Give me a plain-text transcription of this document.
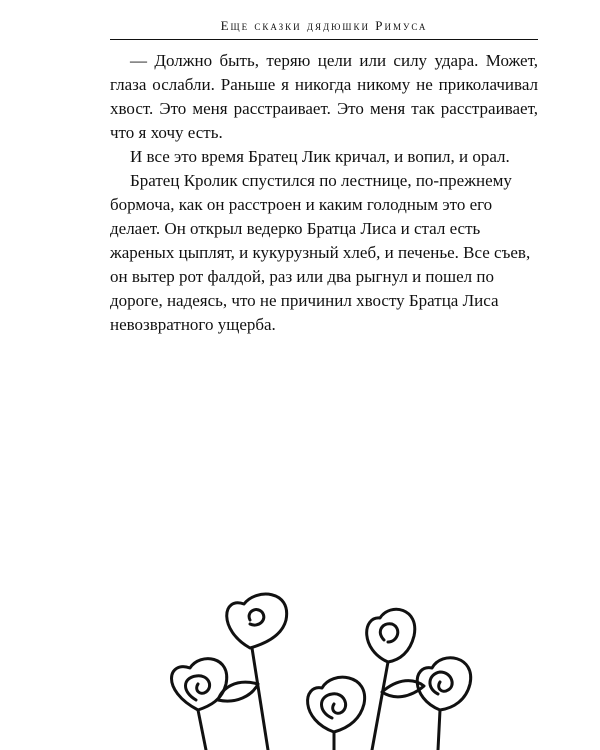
Еще сказки дядюшки Римуса

— Должно быть, теряю цели или силу удара. Может, глаза ослабли. Раньше я никогда никому не приколачивал хвост. Это меня расстраивает. Это меня так расстраивает, что я хочу есть.

И все это время Братец Лик кричал, и вопил, и орал.

Братец Кролик спустился по лестнице, по-прежнему бормоча, как он расстроен и каким голодным это его делает. Он открыл ведерко Братца Лиса и стал есть жареных цыплят, и кукурузный хлеб, и печенье. Все съев, он вытер рот фалдой, раз или два рыгнул и пошел по дороге, надеясь, что не причинил хвосту Братца Лиса невозвратного ущерба.
